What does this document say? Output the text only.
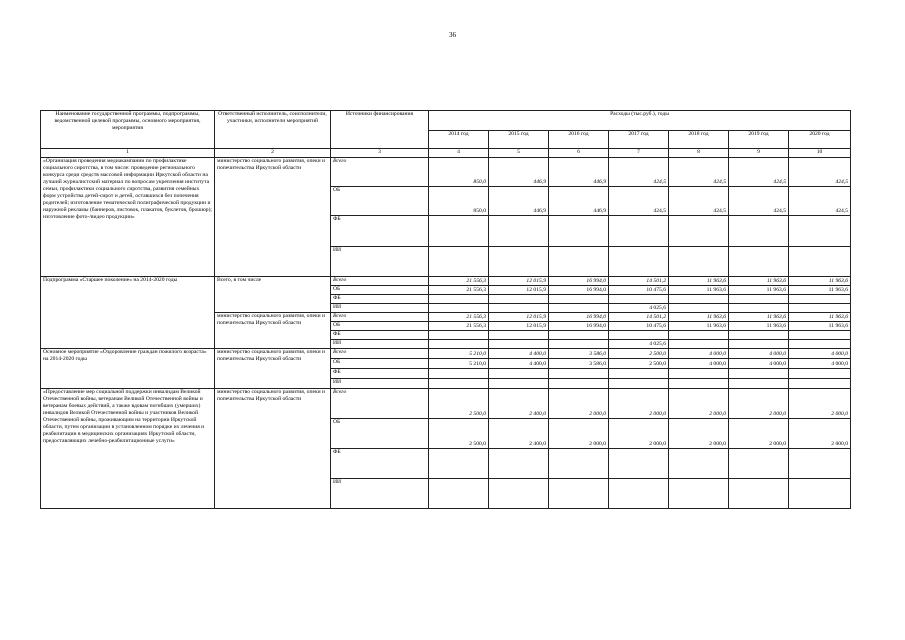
36
Наименование государственной программы, подпрограммы, ведомственной целевой программы, основного мероприятия, мероприятия	Ответственный исполнитель, соисполнители, участники, исполнители мероприятий	Источники финансирования	Расходы (тыс.руб.), годы						
			2014 год	2015 год	2016 год	2017 год	2018 год	2019 год	2020 год
1	2	3	4	5	6	7	8	9	10
«Организация проведения медиакампании по профилактике социального сиротства, в том числе: проведение регионального конкурса среди средств массовой информации Иркутской области на лучший журналистский материал по вопросам укрепления института семьи, профилактики социального сиротства, развития семейных форм устройства детей-сирот и детей, оставшихся без попечения родителей; изготовление тематической полиграфической продукции и наружной рекламы (баннеров, листовок, плакатов, буклетов, брошюр); изготовление фото-/видео продукции»	министерство социального развития, опеки и попечительства Иркутской области	Всего	850,0	446,9	446,9	424,5	424,5	424,5	424,5
		ОБ	850,0	446,9	446,9	424,5	424,5	424,5	424,5
		ФБ							
		ИИ							
Подпрограмма «Старшее поколение» на 2014-2020 годы	Всего, в том числе	Всего	21 556,3	12 015,9	16 994,0	14 501,2	11 963,6	11 963,6	11 963,6
		ОБ	21 556,3	12 015,9	16 994,0	10 475,6	11 963,6	11 963,6	11 963,6
		ФБ							
		ИИ				4 025,6			
	министерство социального развития, опеки и попечительства Иркутской области	Всего	21 556,3	12 015,9	16 994,0	14 501,2	11 963,6	11 963,6	11 963,6
		ОБ	21 556,3	12 015,9	16 994,0	10 475,6	11 963,6	11 963,6	11 963,6
		ФБ							
		ИИ				4 025,6			
Основное мероприятие «Оздоровление граждан пожилого возраста» на 2014-2020 годы	министерство социального развития, опеки и попечительства Иркутской области	Всего	5 210,0	4 400,0	3 586,0	2 500,0	4 000,0	4 000,0	4 000,0
		ОБ	5 210,0	4 400,0	3 586,0	2 500,0	4 000,0	4 000,0	4 000,0
		ФБ							
		ИИ							
«Предоставление мер социальной поддержки инвалидам Великой Отечественной войны, ветеранам Великой Отечественной войны и ветеранам боевых действий, а также вдовам погибших (умерших) инвалидов Великой Отечественной войны и участников Великой Отечественной войны, проживающим на территории Иркутской области, путем организации в установленном порядке их лечения и реабилитации в медицинских организациях Иркутской области, предоставляющих лечебно-реабилитационные услуги»	министерство социального развития, опеки и попечительства Иркутской области	Всего	2 500,0	2 400,0	2 000,0	2 000,0	2 000,0	2 000,0	2 000,0
		ОБ	2 500,0	2 400,0	2 000,0	2 000,0	2 000,0	2 000,0	2 000,0
		ФБ							
		ИИ							
